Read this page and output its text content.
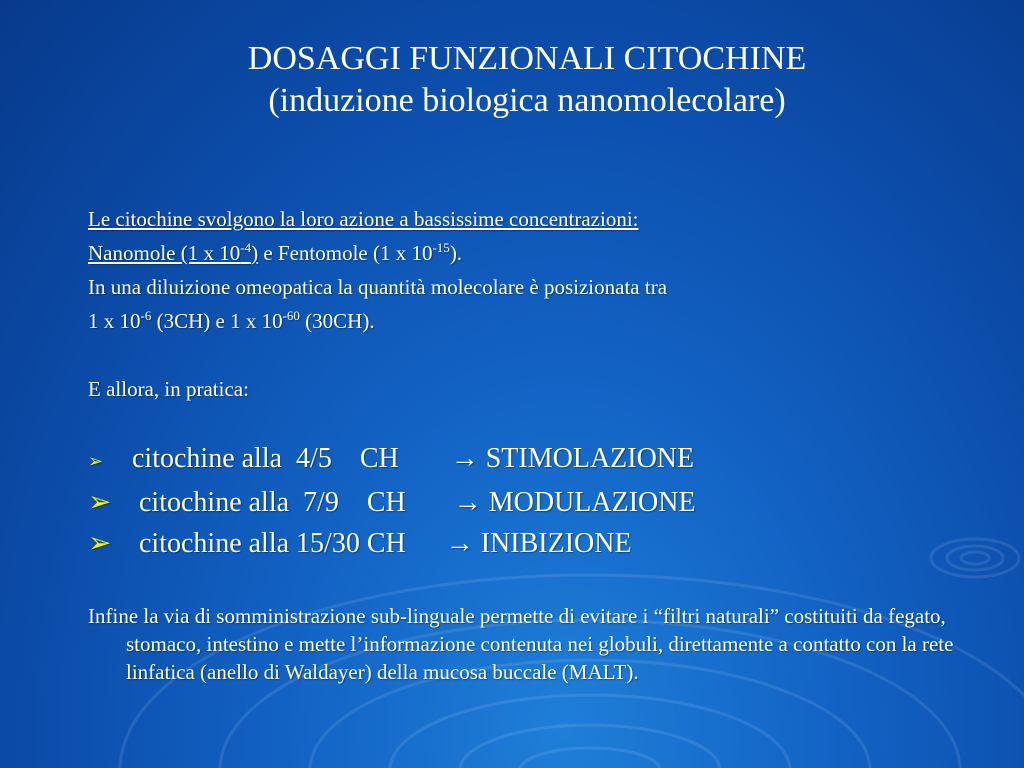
DOSAGGI FUNZIONALI CITOCHINE
(induzione biologica nanomolecolare)

Le citochine svolgono la loro azione a bassissime concentrazioni:

Nanomole (1 x $10^{-4}$) e Fentomole (1 x $10^{-15}$).

In una diluizione omeopatica la quantità molecolare è posizionata tra

1 x $10^{-6}$ (3CH) e 1 x $10^{-60}$ (30CH).

E allora, in pratica:

➢ citochine alla  4/5    CH → STIMOLAZIONE
➢ citochine alla  7/9    CH → MODULAZIONE
➢ citochine alla 15/30 CH → INIBIZIONE

Infine la via di somministrazione sub-linguale permette di evitare i “filtri naturali” costituiti da fegato, stomaco, intestino e mette l’informazione contenuta nei globuli, direttamente a contatto con la rete linfatica (anello di Waldayer) della mucosa buccale (MALT).
